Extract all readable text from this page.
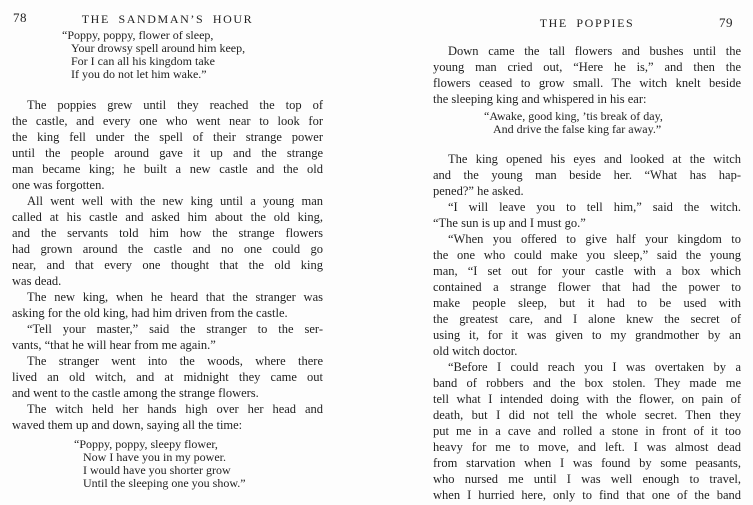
78	THE SANDMAN’S HOUR
“Poppy, poppy, flower of sleep,
Your drowsy spell around him keep,
For I can all his kingdom take
If you do not let him wake.”
The poppies grew until they reached the top of
the castle, and every one who went near to look for
the king fell under the spell of their strange power
until the people around gave it up and the strange
man became king; he built a new castle and the old
one was forgotten.
All went well with the new king until a young man
called at his castle and asked him about the old king,
and the servants told him how the strange flowers
had grown around the castle and no one could go
near, and that every one thought that the old king
was dead.
The new king, when he heard that the stranger was
asking for the old king, had him driven from the castle.
“Tell your master,” said the stranger to the ser-
vants, “that he will hear from me again.”
The stranger went into the woods, where there
lived an old witch, and at midnight they came out
and went to the castle among the strange flowers.
The witch held her hands high over her head and
waved them up and down, saying all the time:
“Poppy, poppy, sleepy flower,
Now I have you in my power.
I would have you shorter grow
Until the sleeping one you show.”
THE POPPIES	79
Down came the tall flowers and bushes until the
young man cried out, “Here he is,” and then the
flowers ceased to grow small. The witch knelt beside
the sleeping king and whispered in his ear:
“Awake, good king, ’tis break of day,
And drive the false king far away.”
The king opened his eyes and looked at the witch
and the young man beside her. “What has hap-
pened?” he asked.
“I will leave you to tell him,” said the witch.
“The sun is up and I must go.”
“When you offered to give half your kingdom to
the one who could make you sleep,” said the young
man, “I set out for your castle with a box which
contained a strange flower that had the power to
make people sleep, but it had to be used with
the greatest care, and I alone knew the secret of
using it, for it was given to my grandmother by an
old witch doctor.
“Before I could reach you I was overtaken by a
band of robbers and the box stolen. They made me
tell what I intended doing with the flower, on pain of
death, but I did not tell the whole secret. Then they
put me in a cave and rolled a stone in front of it too
heavy for me to move, and left. I was almost dead
from starvation when I was found by some peasants,
who nursed me until I was well enough to travel,
when I hurried here, only to find that one of the band
